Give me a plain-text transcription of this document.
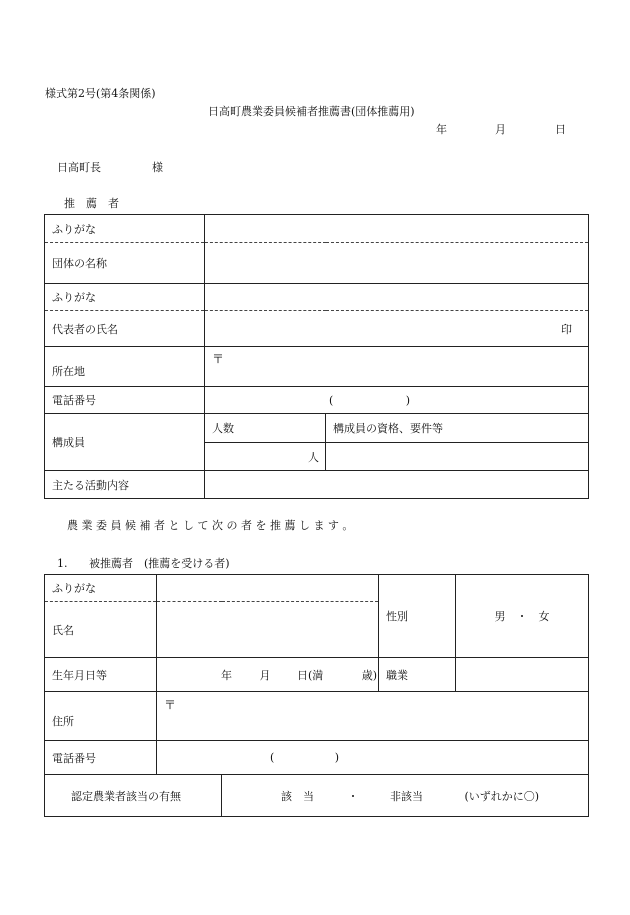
様式第2号(第4条関係)
日高町農業委員候補者推薦書(団体推薦用)
年	月	日
日高町長	様
推　薦　者
ふりがな		
団体の名称		
ふりがな		
代表者の氏名	印	

所在地	〒	
電話番号	( )	
構成員	人数	構成員の資格、要件等
	人	
主たる活動内容		
農 業 委 員 候 補 者 と し て 次 の 者 を 推 薦 し ま す 。
1. 被推薦者　(推薦を受ける者)
ふりがな			性別	男　・　女
氏名				
生年月日等	年 月 日(満 歳)		職業	
住所	〒			
電話番号	( )			
認定農業者該当の有無		該　当 ・ 非該当 (いずれかに〇)		
